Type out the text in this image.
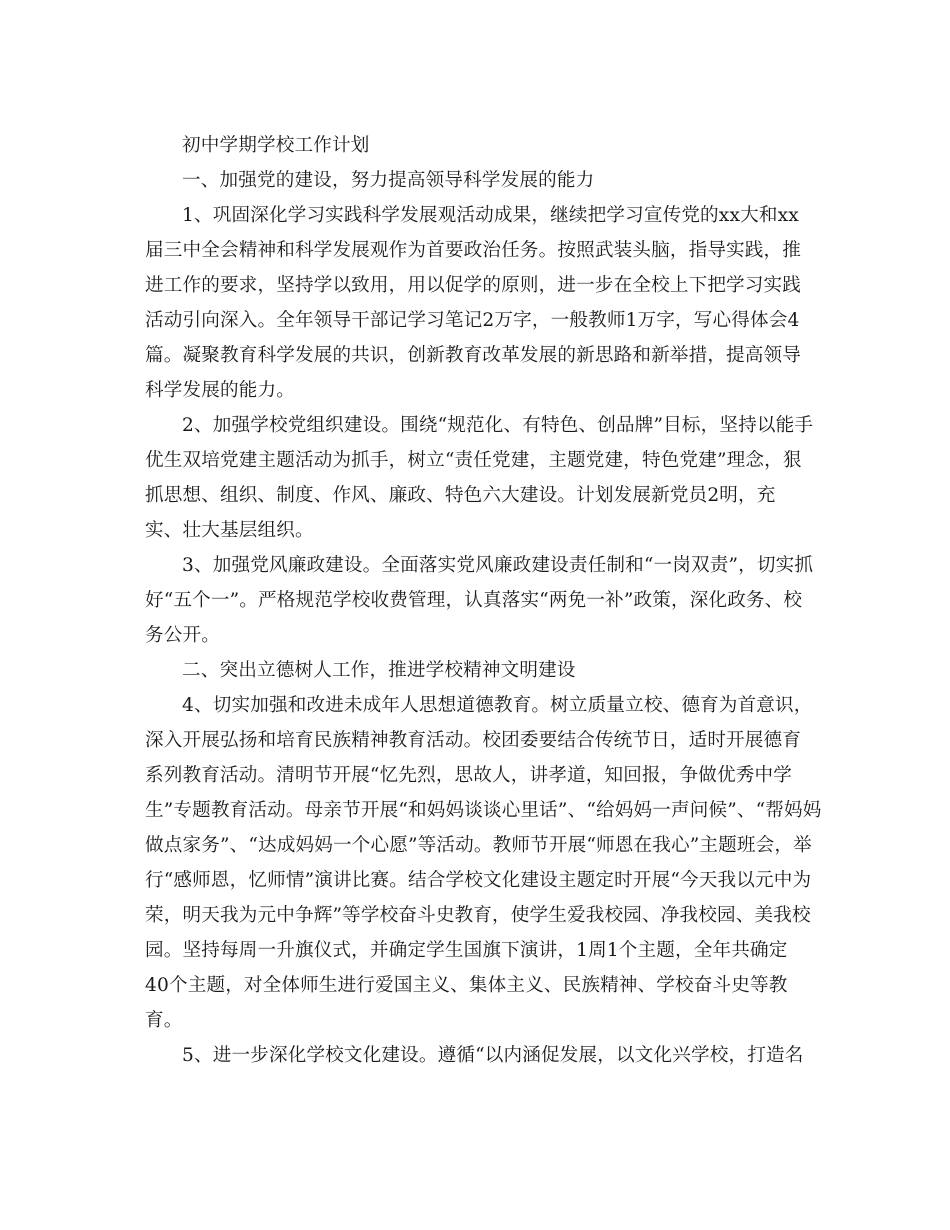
初中学期学校工作计划

一、加强党的建设，努力提高领导科学发展的能力

1、巩固深化学习实践科学发展观活动成果，继续把学习宣传党的xx大和xx

届三中全会精神和科学发展观作为首要政治任务。按照武装头脑，指导实践，推

进工作的要求，坚持学以致用，用以促学的原则，进一步在全校上下把学习实践

活动引向深入。全年领导干部记学习笔记2万字，一般教师1万字，写心得体会4

篇。凝聚教育科学发展的共识，创新教育改革发展的新思路和新举措，提高领导

科学发展的能力。

2、加强学校党组织建设。围绕“规范化、有特色、创品牌”目标，坚持以能手

优生双培党建主题活动为抓手，树立“责任党建，主题党建，特色党建”理念，狠

抓思想、组织、制度、作风、廉政、特色六大建设。计划发展新党员2明，充

实、壮大基层组织。

3、加强党风廉政建设。全面落实党风廉政建设责任制和“一岗双责”，切实抓

好“五个一”。严格规范学校收费管理，认真落实“两免一补”政策，深化政务、校

务公开。

二、突出立德树人工作，推进学校精神文明建设

4、切实加强和改进未成年人思想道德教育。树立质量立校、德育为首意识，

深入开展弘扬和培育民族精神教育活动。校团委要结合传统节日，适时开展德育

系列教育活动。清明节开展“忆先烈，思故人，讲孝道，知回报，争做优秀中学

生”专题教育活动。母亲节开展“和妈妈谈谈心里话”、“给妈妈一声问候”、“帮妈妈

做点家务”、“达成妈妈一个心愿”等活动。教师节开展“师恩在我心”主题班会，举

行“感师恩，忆师情”演讲比赛。结合学校文化建设主题定时开展“今天我以元中为

荣，明天我为元中争辉”等学校奋斗史教育，使学生爱我校园、净我校园、美我校

园。坚持每周一升旗仪式，并确定学生国旗下演讲，1周1个主题，全年共确定

40个主题，对全体师生进行爱国主义、集体主义、民族精神、学校奋斗史等教

育。

5、进一步深化学校文化建设。遵循“以内涵促发展，以文化兴学校，打造名
